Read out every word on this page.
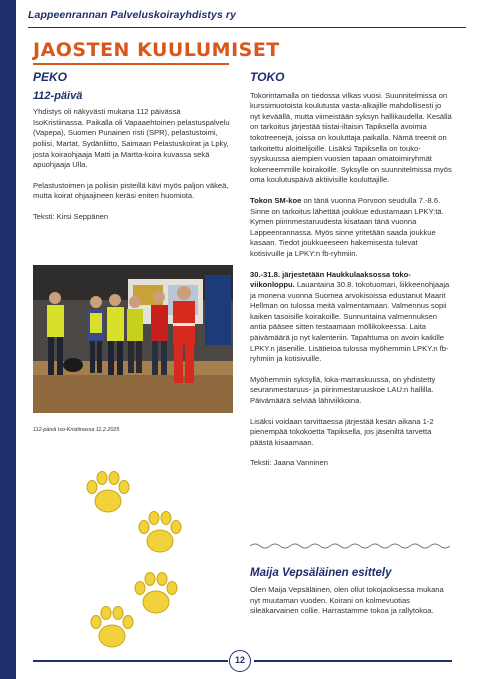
Lappeenrannan Palveluskoirayhdistys ry
JAOSTEN KUULUMISET
PEKO
112-päivä

Yhdistys oli näkyvästi mukana 112 päivässä IsoKristiinassa. Paikalla oli Vapaaehtoinen pelastuspalvelu (Vapepa), Suomen Punainen risti (SPR), pelastustoimi, poliisi, Martat, Sydänliitto, Saimaan Pelastuskoirat ja Lpky, josta koiraohjaaja Matti ja Martta-koira kuvassa sekä apuohjaaja Ulla.

Pelastustoimen ja poliisin pisteillä kävi myös paljon väkeä, mutta koirat ohjaajineen keräsi eniten huomiota.

Teksti: Kirsi Seppänen

112-päivä Iso-Kristiinassa 11.2.2025
TOKO

Tokorintamalla on tiedossa vilkas vuosi. Suunnitelmissa on kurssimuotoista koulutusta vasta-alkajille mahdollisesti jo nyt keväällä, mutta viimeistään syksyn hallikaudella. Kesällä on tarkoitus järjestää tiistai-iltaisin Tapiksella avoimia tokotreenejä, joissa on kouluttaja paikalla. Nämä treenit on tarkoitettu aloittelijoille. Lisäksi Tapiksella on touko-syyskuussa aiempien vuosien tapaan omatoimiryhmät kokeneemmille koirakoille. Syksylle on suunnitelmissa myös oma koulutuspäivä aktiivisille kouluttajille.

Tokon SM-koe on tänä vuonna Porvoon seudulla 7.-8.6. Sinne on tarkoitus lähettää joukkue edustamaan LPKY:tä. Kymen piirinmestaruudesta kisataan tänä vuonna Lappeenrannassa. Myös sinne yritetään saada joukkue kasaan. Tiedot joukkueeseen hakemisesta tulevat kotisivuille ja LPKY:n fb-ryhmiin.

30.-31.8. järjestetään Haukkulaaksossa toko-viikonloppu. Lauantaina 30.8. tokotuomari, liikkeenohjaaja ja monena vuonna Suomea arvokisoissa edustanut Maarit Hellman on tulossa meitä valmentamaan. Valmennus sopii kaiken tasoisille koirakoille. Sunnuntaina valmennuksen antia pääsee sitten testaamaan möllikokeessa. Laita päivämäärä jo nyt kalenteriin. Tapahtuma on avoin kaikille LPKY.n jäsenille. Lisätietoa tulossa myöhemmin LPKY.n fb-ryhmiin ja kotisivuille.

Myöhemmin syksyllä, loka-marraskuussa, on yhdistetty seuranmestaruus- ja piirinmestaruuskoe LAU:n hallilla. Päivämäärä selviää lähiviikkoina.

Lisäksi voidaan tarvittaessa järjestää kesän aikana 1-2 pienempää tokokoetta Tapiksella, jos jäseniltä tarvetta päästä kisaamaan.

Teksti: Jaana Vanninen

Maija Vepsäläinen esittely

Olen Maija Vepsäläinen, olen ollut tokojaoksessa mukana nyt muutaman vuoden. Koirani on kolmevuotias sileäkarvainen collie. Harrastamme tokoa ja rallytokoa.

12
